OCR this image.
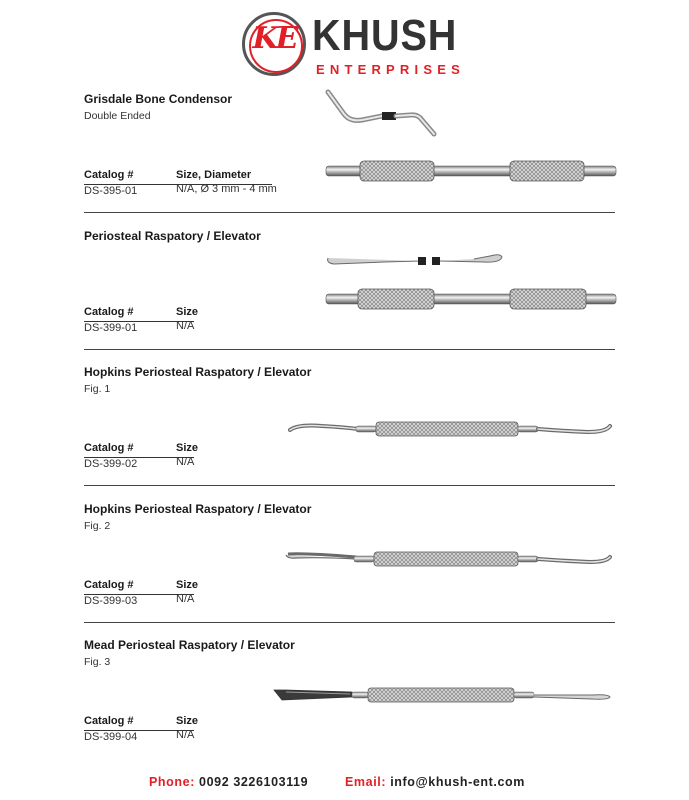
KE KHUSH
ENTERPRISES
Grisdale Bone Condensor
Double Ended
Catalog #	Size, Diameter
DS-395-01	N/A, Ø 3 mm - 4 mm
Periosteal Raspatory / Elevator
Catalog #	Size
DS-399-01	N/A
Hopkins Periosteal Raspatory / Elevator
Fig. 1
Catalog #	Size
DS-399-02	N/A
Hopkins Periosteal Raspatory / Elevator
Fig. 2
Catalog #	Size
DS-399-03	N/A
Mead Periosteal Raspatory / Elevator
Fig. 3
Catalog #	Size
DS-399-04	N/A
Phone: 0092 3226103119	Email: info@khush-ent.com
